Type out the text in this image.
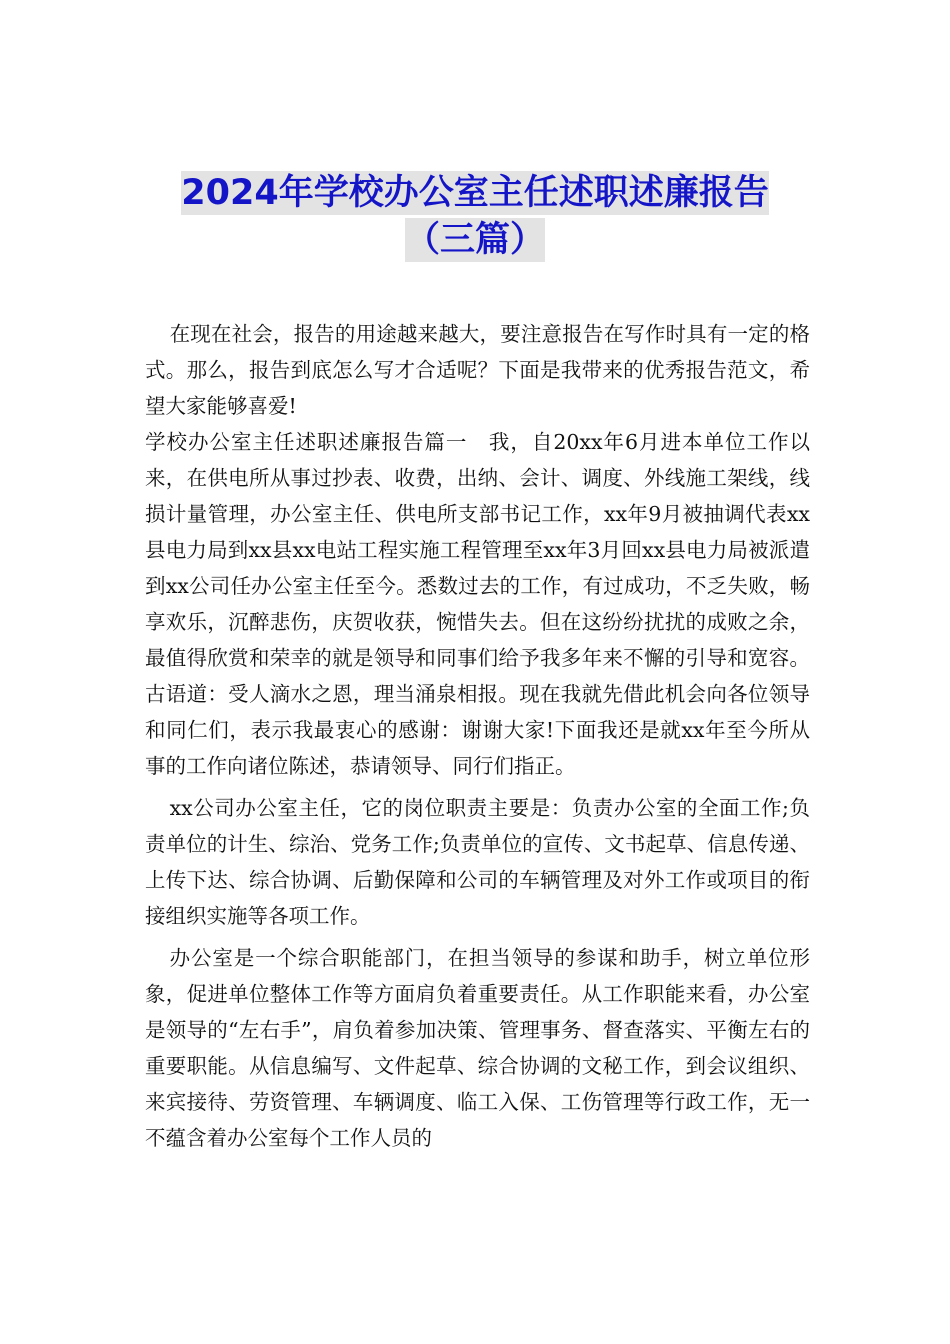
2024年学校办公室主任述职述廉报告
（三篇）

在现在社会，报告的用途越来越大，要注意报告在写作时具有一定的格式。那么，报告到底怎么写才合适呢？下面是我带来的优秀报告范文，希望大家能够喜爱!

学校办公室主任述职述廉报告篇一　我，自20xx年6月进本单位工作以来，在供电所从事过抄表、收费，出纳、会计、调度、外线施工架线，线损计量管理，办公室主任、供电所支部书记工作，xx年9月被抽调代表xx县电力局到xx县xx电站工程实施工程管理至xx年3月回xx县电力局被派遣到xx公司任办公室主任至今。悉数过去的工作，有过成功，不乏失败，畅享欢乐，沉醉悲伤，庆贺收获，惋惜失去。但在这纷纷扰扰的成败之余，最值得欣赏和荣幸的就是领导和同事们给予我多年来不懈的引导和宽容。古语道：受人滴水之恩，理当涌泉相报。现在我就先借此机会向各位领导和同仁们，表示我最衷心的感谢：谢谢大家!下面我还是就xx年至今所从事的工作向诸位陈述，恭请领导、同行们指正。

xx公司办公室主任，它的岗位职责主要是：负责办公室的全面工作;负责单位的计生、综治、党务工作;负责单位的宣传、文书起草、信息传递、上传下达、综合协调、后勤保障和公司的车辆管理及对外工作或项目的衔接组织实施等各项工作。

办公室是一个综合职能部门，在担当领导的参谋和助手，树立单位形象，促进单位整体工作等方面肩负着重要责任。从工作职能来看，办公室是领导的“左右手”，肩负着参加决策、管理事务、督查落实、平衡左右的重要职能。从信息编写、文件起草、综合协调的文秘工作，到会议组织、来宾接待、劳资管理、车辆调度、临工入保、工伤管理等行政工作，无一不蕴含着办公室每个工作人员的
